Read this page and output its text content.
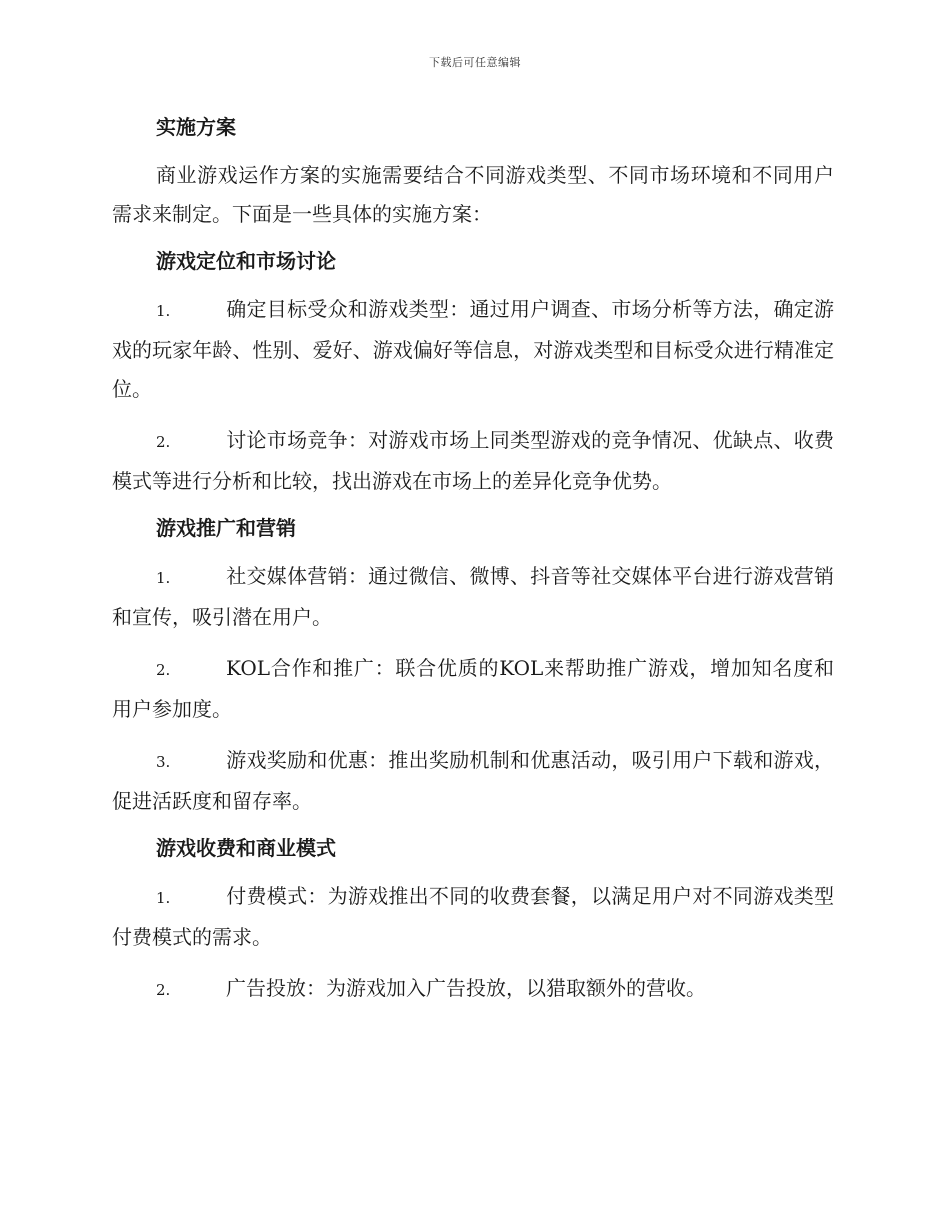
下载后可任意编辑
实施方案

商业游戏运作方案的实施需要结合不同游戏类型、不同市场环境和不同用户需求来制定。下面是一些具体的实施方案：

游戏定位和市场讨论

1.	确定目标受众和游戏类型：通过用户调查、市场分析等方法，确定游戏的玩家年龄、性别、爱好、游戏偏好等信息，对游戏类型和目标受众进行精准定位。

2.	讨论市场竞争：对游戏市场上同类型游戏的竞争情况、优缺点、收费模式等进行分析和比较，找出游戏在市场上的差异化竞争优势。

游戏推广和营销

1.	社交媒体营销：通过微信、微博、抖音等社交媒体平台进行游戏营销和宣传，吸引潜在用户。

2.	KOL合作和推广：联合优质的KOL来帮助推广游戏，增加知名度和用户参加度。

3.	游戏奖励和优惠：推出奖励机制和优惠活动，吸引用户下载和游戏，促进活跃度和留存率。

游戏收费和商业模式

1.	付费模式：为游戏推出不同的收费套餐，以满足用户对不同游戏类型付费模式的需求。

2.	广告投放：为游戏加入广告投放，以猎取额外的营收。
